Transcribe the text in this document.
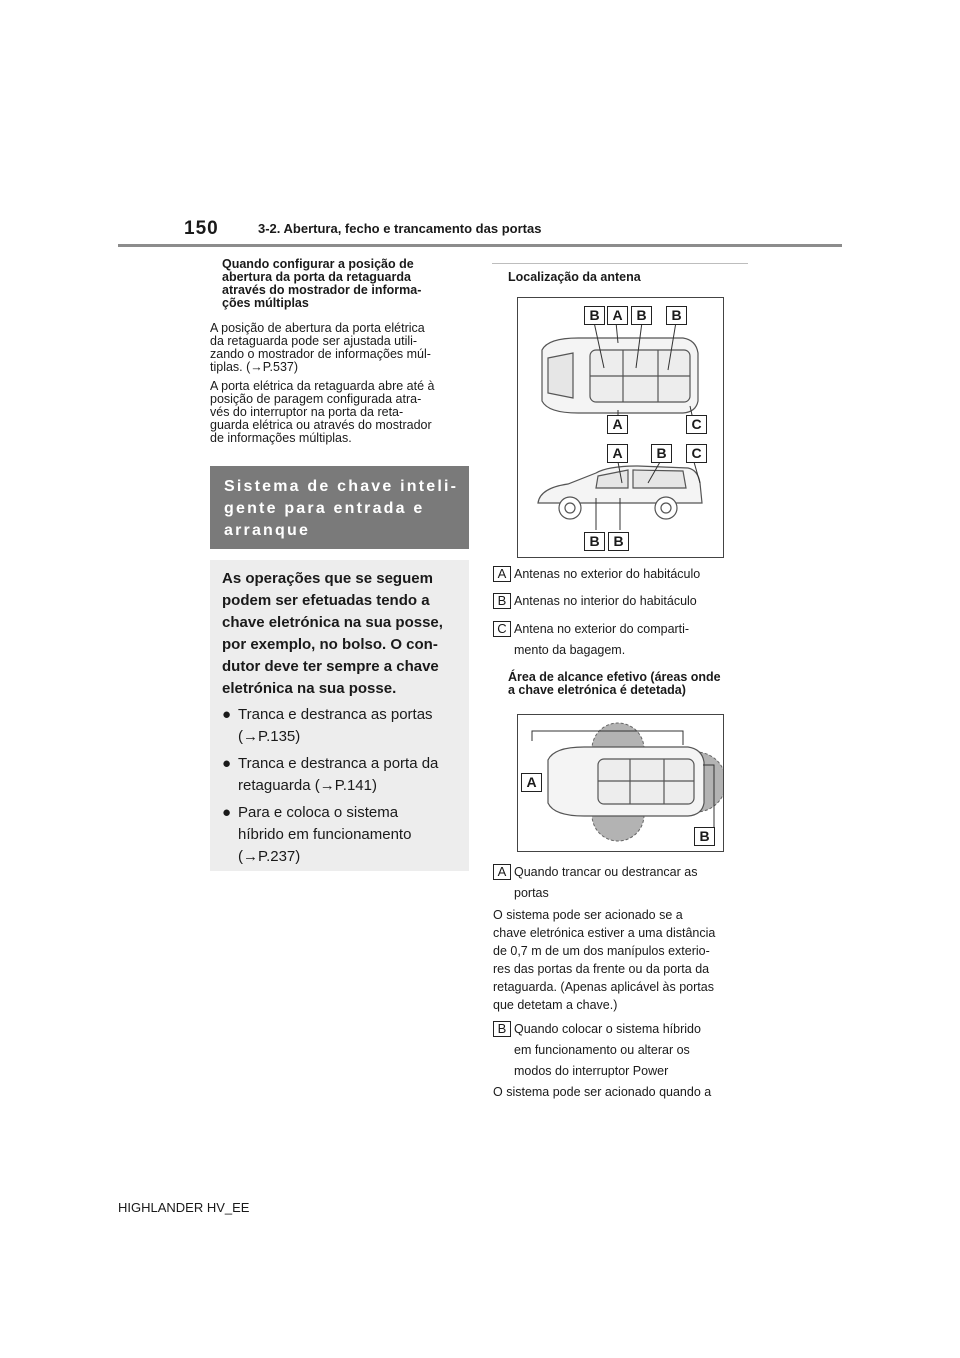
150	3-2. Abertura, fecho e trancamento das portas
Quando configurar a posição de
abertura da porta da retaguarda
através do mostrador de informa-
ções múltiplas
A posição de abertura da porta elétrica
da retaguarda pode ser ajustada utili-
zando o mostrador de informações múl-
tiplas. (→P.537)
A porta elétrica da retaguarda abre até à
posição de paragem configurada atra-
vés do interruptor na porta da reta-
guarda elétrica ou através do mostrador
de informações múltiplas.
Sistema de chave inteli-
gente para entrada e
arranque
As operações que se seguem
podem ser efetuadas tendo a
chave eletrónica na sua posse,
por exemplo, no bolso. O con-
dutor deve ter sempre a chave
eletrónica na sua posse.
● Tranca e destranca as portas
(→P.135)
● Tranca e destranca a porta da
retaguarda (→P.141)
● Para e coloca o sistema
híbrido em funcionamento
(→P.237)
Localização da antena
B A B	B
A	C
A	B	C
B B
A Antenas no exterior do habitáculo
B Antenas no interior do habitáculo
C Antena no exterior do comparti-
mento da bagagem.
Área de alcance efetivo (áreas onde
a chave eletrónica é detetada)
A
B
A Quando trancar ou destrancar as
portas
O sistema pode ser acionado se a
chave eletrónica estiver a uma distância
de 0,7 m de um dos manípulos exterio-
res das portas da frente ou da porta da
retaguarda. (Apenas aplicável às portas
que detetam a chave.)
B Quando colocar o sistema híbrido
em funcionamento ou alterar os
modos do interruptor Power
O sistema pode ser acionado quando a
HIGHLANDER HV_EE
